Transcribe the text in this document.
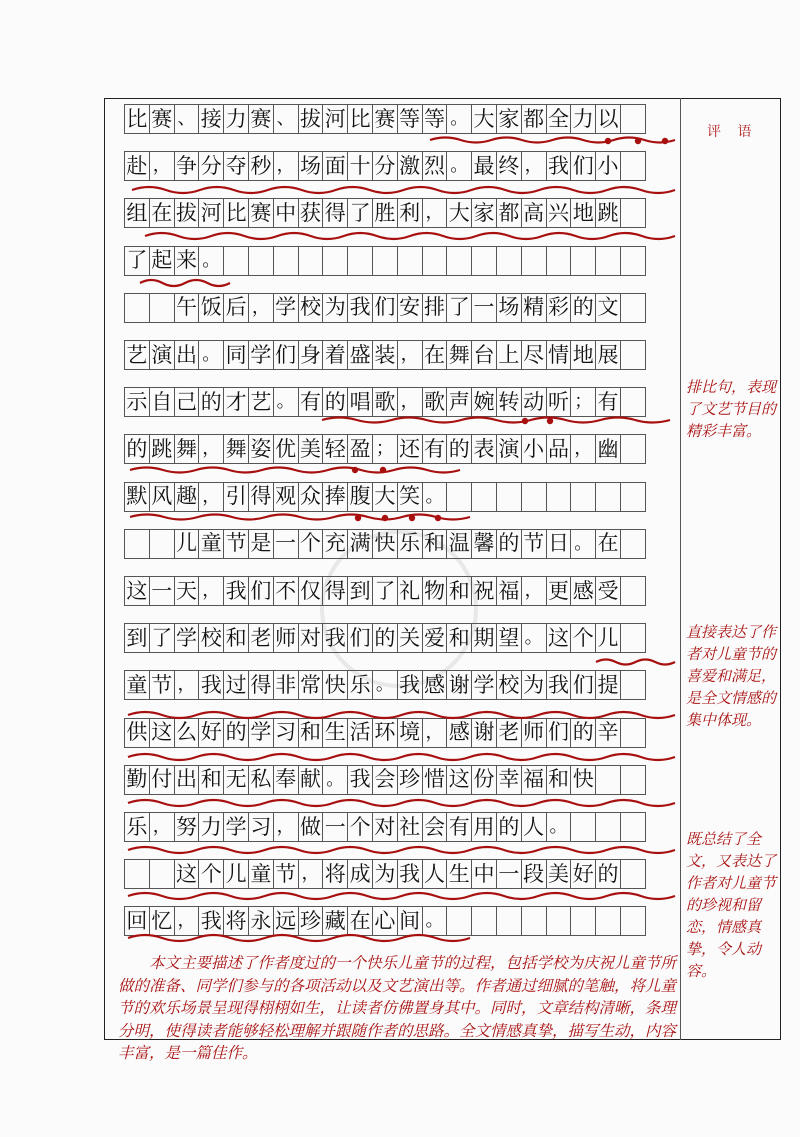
比 赛 、 接 力 赛 、 拔 河 比 赛 等 等 。 大 家 都 全 力 以
赴 ， 争 分 夺 秒 ， 场 面 十 分 激 烈 。 最 终 ， 我 们 小
组 在 拔 河 比 赛 中 获 得 了 胜 利 ， 大 家 都 高 兴 地 跳
了 起 来 。
午 饭 后 ， 学 校 为 我 们 安 排 了 一 场 精 彩 的 文
艺 演 出 。 同 学 们 身 着 盛 装 ， 在 舞 台 上 尽 情 地 展
示 自 己 的 才 艺 。 有 的 唱 歌 ， 歌 声 婉 转 动 听 ； 有
的 跳 舞 ， 舞 姿 优 美 轻 盈 ； 还 有 的 表 演 小 品 ， 幽
默 风 趣 ， 引 得 观 众 捧 腹 大 笑 。
儿 童 节 是 一 个 充 满 快 乐 和 温 馨 的 节 日 。 在
这 一 天 ， 我 们 不 仅 得 到 了 礼 物 和 祝 福 ， 更 感 受
到 了 学 校 和 老 师 对 我 们 的 关 爱 和 期 望 。 这 个 儿
童 节 ， 我 过 得 非 常 快 乐 。 我 感 谢 学 校 为 我 们 提
供 这 么 好 的 学 习 和 生 活 环 境 ， 感 谢 老 师 们 的 辛
勤 付 出 和 无 私 奉 献 。 我 会 珍 惜 这 份 幸 福 和 快
乐 ， 努 力 学 习 ， 做 一 个 对 社 会 有 用 的 人 。
这 个 儿 童 节 ， 将 成 为 我 人 生 中 一 段 美 好 的
回 忆 ， 我 将 永 远 珍 藏 在 心 间 。
评 语
排比句，表现了文艺节目的精彩丰富。
直接表达了作者对儿童节的喜爱和满足，是全文情感的集中体现。
既总结了全文，又表达了作者对儿童节的珍视和留恋，情感真挚，令人动容。
本文主要描述了作者度过的一个快乐儿童节的过程，包括学校为庆祝儿童节所做的准备、同学们参与的各项活动以及文艺演出等。作者通过细腻的笔触，将儿童节的欢乐场景呈现得栩栩如生，让读者仿佛置身其中。同时，文章结构清晰，条理分明，使得读者能够轻松理解并跟随作者的思路。全文情感真挚，描写生动，内容丰富，是一篇佳作。
